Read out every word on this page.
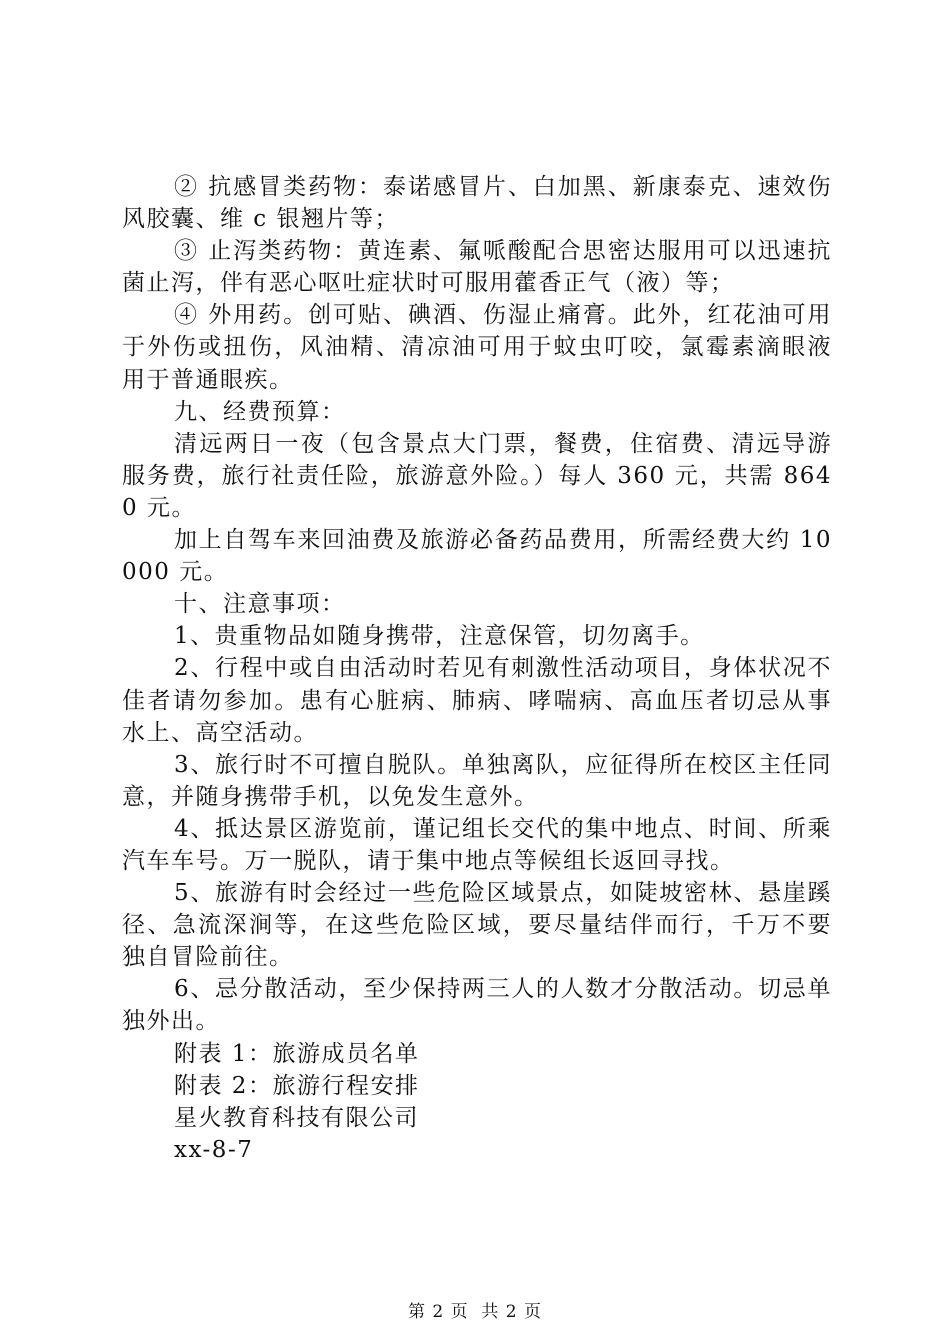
② 抗感冒类药物：泰诺感冒片、白加黑、新康泰克、速效伤风胶囊、维 c 银翘片等；

③ 止泻类药物：黄连素、氟哌酸配合思密达服用可以迅速抗菌止泻，伴有恶心呕吐症状时可服用藿香正气（液）等；

④ 外用药。创可贴、碘酒、伤湿止痛膏。此外，红花油可用于外伤或扭伤，风油精、清凉油可用于蚊虫叮咬，氯霉素滴眼液用于普通眼疾。

九、经费预算：

清远两日一夜（包含景点大门票，餐费，住宿费、清远导游服务费，旅行社责任险，旅游意外险。）每人 360 元，共需 8640 元。

加上自驾车来回油费及旅游必备药品费用，所需经费大约 10000 元。

十、注意事项：

1、贵重物品如随身携带，注意保管，切勿离手。

2、行程中或自由活动时若见有刺激性活动项目，身体状况不佳者请勿参加。患有心脏病、肺病、哮喘病、高血压者切忌从事水上、高空活动。

3、旅行时不可擅自脱队。单独离队，应征得所在校区主任同意，并随身携带手机，以免发生意外。

4、抵达景区游览前，谨记组长交代的集中地点、时间、所乘汽车车号。万一脱队，请于集中地点等候组长返回寻找。

5、旅游有时会经过一些危险区域景点，如陡坡密林、悬崖蹊径、急流深涧等，在这些危险区域，要尽量结伴而行，千万不要独自冒险前往。

6、忌分散活动，至少保持两三人的人数才分散活动。切忌单独外出。

附表 1：旅游成员名单

附表 2：旅游行程安排

星火教育科技有限公司

xx-8-7

第 2 页  共 2 页
